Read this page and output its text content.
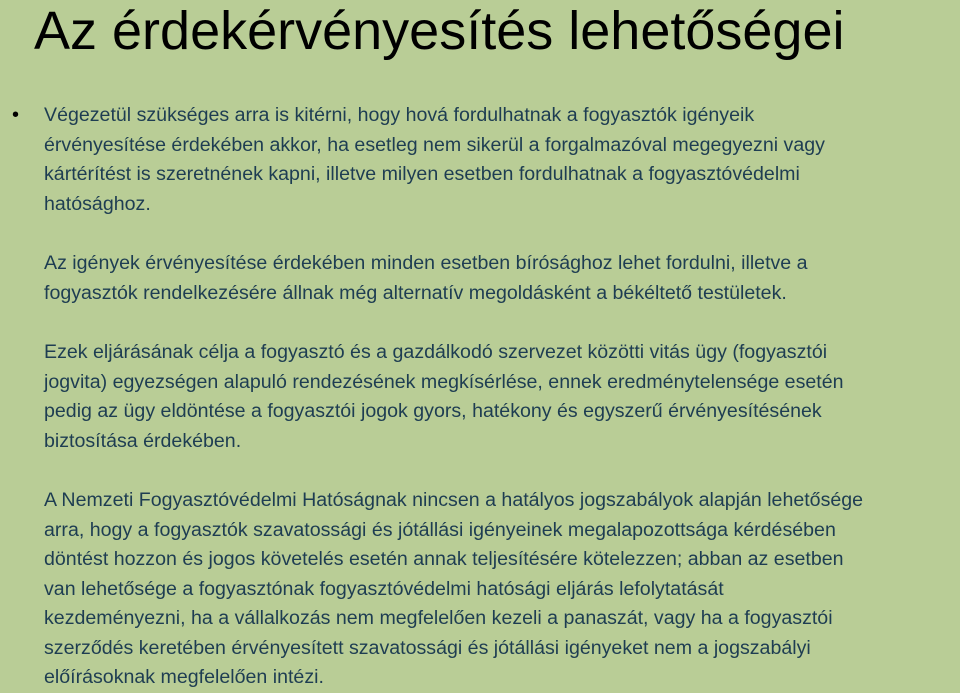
Az érdekérvényesítés lehetőségei
•	Végezetül szükséges arra is kitérni, hogy hová fordulhatnak a fogyasztók igényeik
érvényesítése érdekében akkor, ha esetleg nem sikerül a forgalmazóval megegyezni vagy
kártérítést is szeretnének kapni, illetve milyen esetben fordulhatnak a fogyasztóvédelmi
hatósághoz.

Az igények érvényesítése érdekében minden esetben bírósághoz lehet fordulni, illetve a
fogyasztók rendelkezésére állnak még alternatív megoldásként a békéltető testületek.

Ezek eljárásának célja a fogyasztó és a gazdálkodó szervezet közötti vitás ügy (fogyasztói
jogvita) egyezségen alapuló rendezésének megkísérlése, ennek eredménytelensége esetén
pedig az ügy eldöntése a fogyasztói jogok gyors, hatékony és egyszerű érvényesítésének
biztosítása érdekében.

A Nemzeti Fogyasztóvédelmi Hatóságnak nincsen a hatályos jogszabályok alapján lehetősége
arra, hogy a fogyasztók szavatossági és jótállási igényeinek megalapozottsága kérdésében
döntést hozzon és jogos követelés esetén annak teljesítésére kötelezzen; abban az esetben
van lehetősége a fogyasztónak fogyasztóvédelmi hatósági eljárás lefolytatását
kezdeményezni, ha a vállalkozás nem megfelelően kezeli a panaszát, vagy ha a fogyasztói
szerződés keretében érvényesített szavatossági és jótállási igényeket nem a jogszabályi
előírásoknak megfelelően intézi.
